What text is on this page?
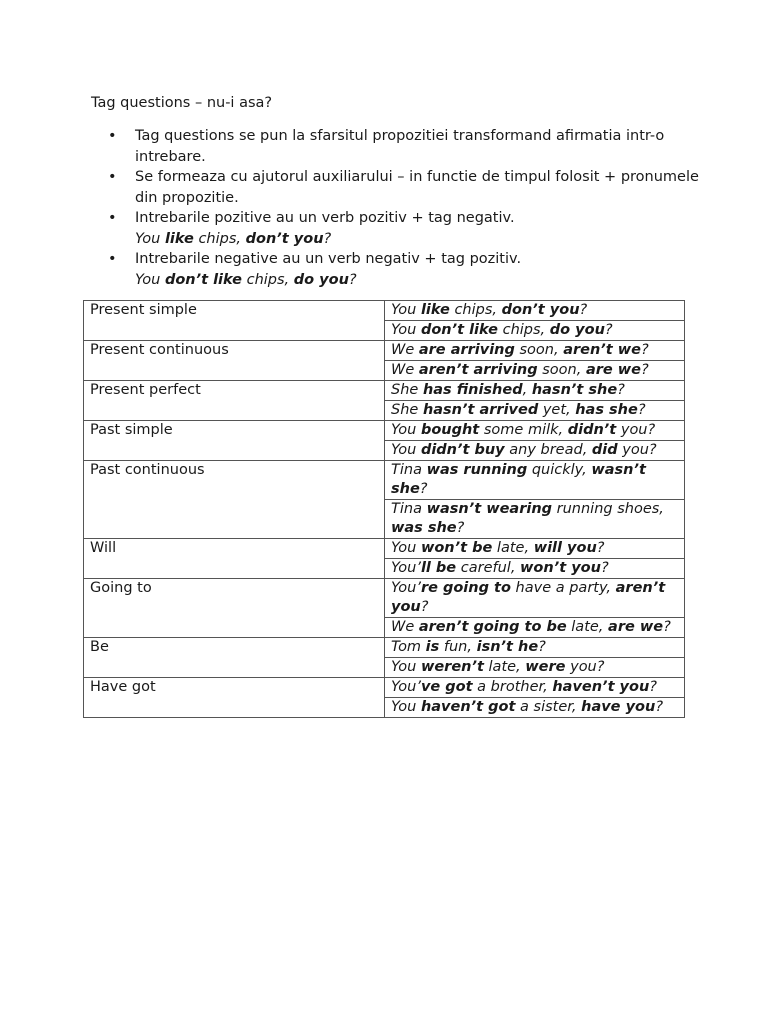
Tag questions – nu-i asa?
• Tag questions se pun la sfarsitul propozitiei transformand afirmatia intr-o intrebare.
• Se formeaza cu ajutorul auxiliarului – in functie de timpul folosit + pronumele din propozitie.
• Intrebarile pozitive au un verb pozitiv + tag negativ.
You like chips, don’t you?
• Intrebarile negative au un verb negativ + tag pozitiv.
You don’t like chips, do you?
Present simple	You like chips, don’t you?
	You don’t like chips, do you?
Present continuous	We are arriving soon, aren’t we?
	We aren’t arriving soon, are we?
Present perfect	She has finished, hasn’t she?
	She hasn’t arrived yet, has she?
Past simple	You bought some milk, didn’t you?
	You didn’t buy any bread, did you?
Past continuous	Tina was running quickly, wasn’t she?
	Tina wasn’t wearing running shoes, was she?
Will	You won’t be late, will you?
	You’ll be careful, won’t you?
Going to	You’re going to have a party, aren’t you?
	We aren’t going to be late, are we?
Be	Tom is fun, isn’t he?
	You weren’t late, were you?
Have got	You’ve got a brother, haven’t you?
	You haven’t got a sister, have you?
